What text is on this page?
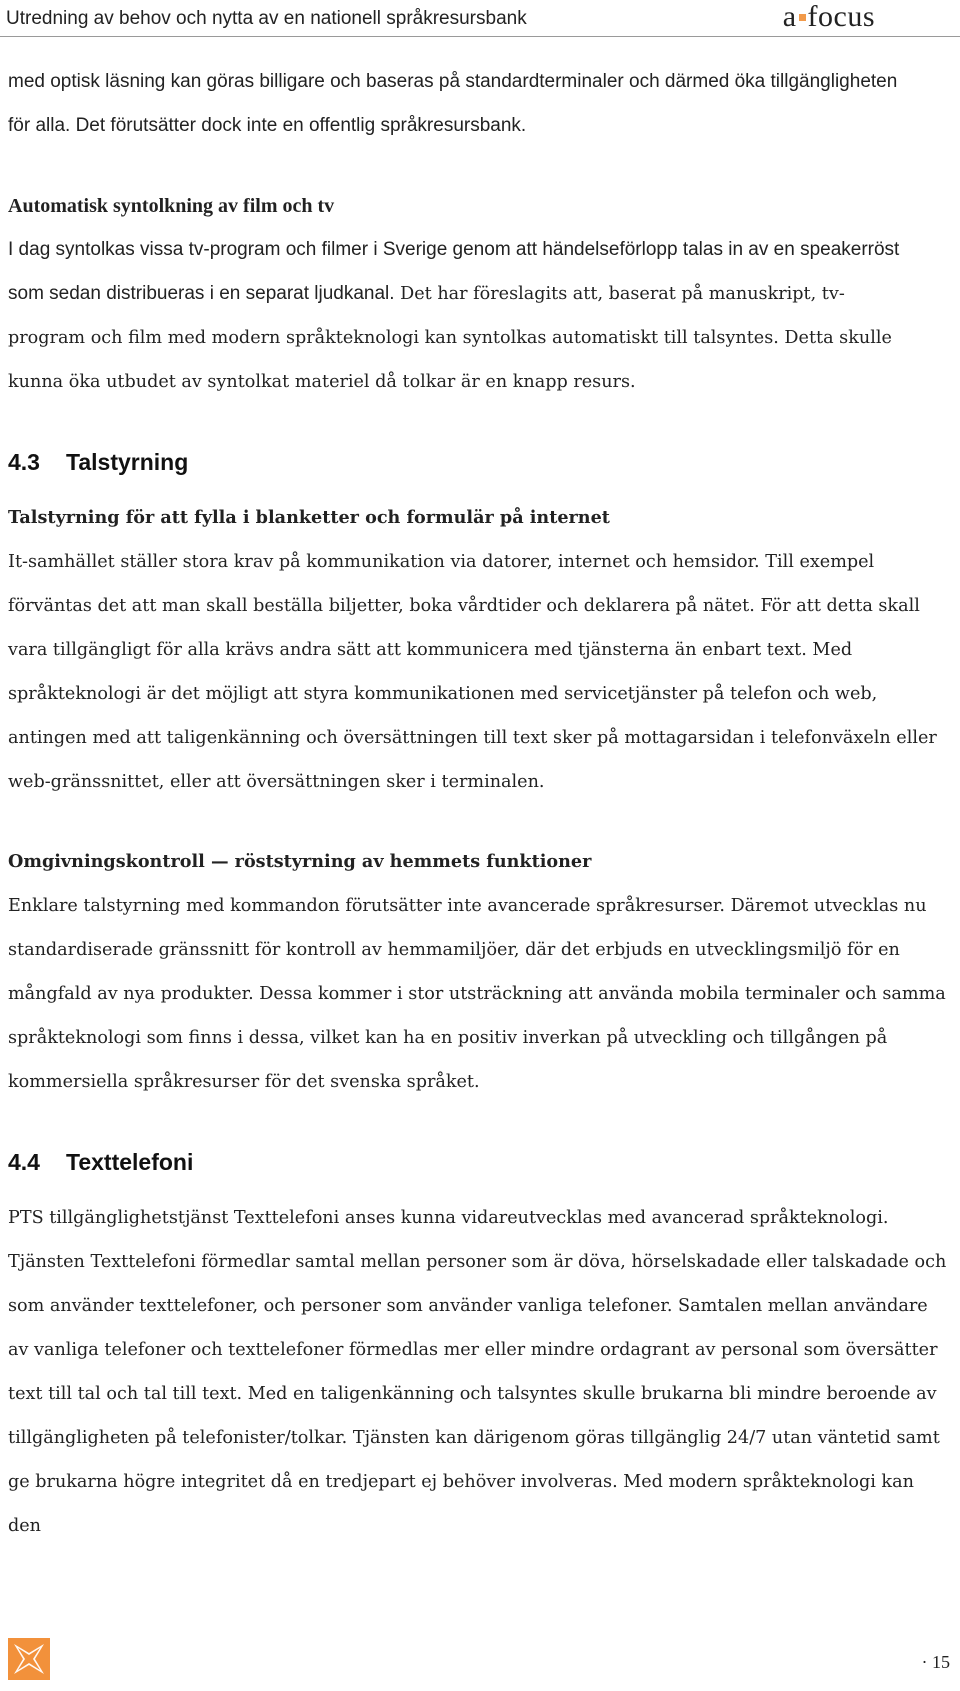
Utredning av behov och nytta av en nationell språkresursbank	a focus

med optisk läsning kan göras billigare och baseras på standardterminaler och därmed öka tillgängligheten för alla. Det förutsätter dock inte en offentlig språkresursbank.

Automatisk syntolkning av film och tv

I dag syntolkas vissa tv-program och filmer i Sverige genom att händelseförlopp talas in av en speakerröst som sedan distribueras i en separat ljudkanal. Det har föreslagits att, baserat på manuskript, tv-program och film med modern språkteknologi kan syntolkas automatiskt till talsyntes. Detta skulle kunna öka utbudet av syntolkat materiel då tolkar är en knapp resurs.

4.3 Talstyrning
Talstyrning för att fylla i blanketter och formulär på internet

It-samhället ställer stora krav på kommunikation via datorer, internet och hemsidor. Till exempel förväntas det att man skall beställa biljetter, boka vårdtider och deklarera på nätet. För att detta skall vara tillgängligt för alla krävs andra sätt att kommunicera med tjänsterna än enbart text. Med språkteknologi är det möjligt att styra kommunikationen med servicetjänster på telefon och web, antingen med att taligenkänning och översättningen till text sker på mottagarsidan i telefonväxeln eller web-gränssnittet, eller att översättningen sker i terminalen.

Omgivningskontroll — röststyrning av hemmets funktioner

Enklare talstyrning med kommandon förutsätter inte avancerade språkresurser. Däremot utvecklas nu standardiserade gränssnitt för kontroll av hemmamiljöer, där det erbjuds en utvecklingsmiljö för en mångfald av nya produkter. Dessa kommer i stor utsträckning att använda mobila terminaler och samma språkteknologi som finns i dessa, vilket kan ha en positiv inverkan på utveckling och tillgången på kommersiella språkresurser för det svenska språket.

4.4 Texttelefoni

PTS tillgänglighetstjänst Texttelefoni anses kunna vidareutvecklas med avancerad språkteknologi. Tjänsten Texttelefoni förmedlar samtal mellan personer som är döva, hörselskadade eller talskadade och som använder texttelefoner, och personer som använder vanliga telefoner. Samtalen mellan användare av vanliga telefoner och texttelefoner förmedlas mer eller mindre ordagrant av personal som översätter text till tal och tal till text. Med en taligenkänning och talsyntes skulle brukarna bli mindre beroende av tillgängligheten på telefonister/tolkar. Tjänsten kan därigenom göras tillgänglig 24/7 utan väntetid samt ge brukarna högre integritet då en tredjepart ej behöver involveras. Med modern språkteknologi kan den

· 15
